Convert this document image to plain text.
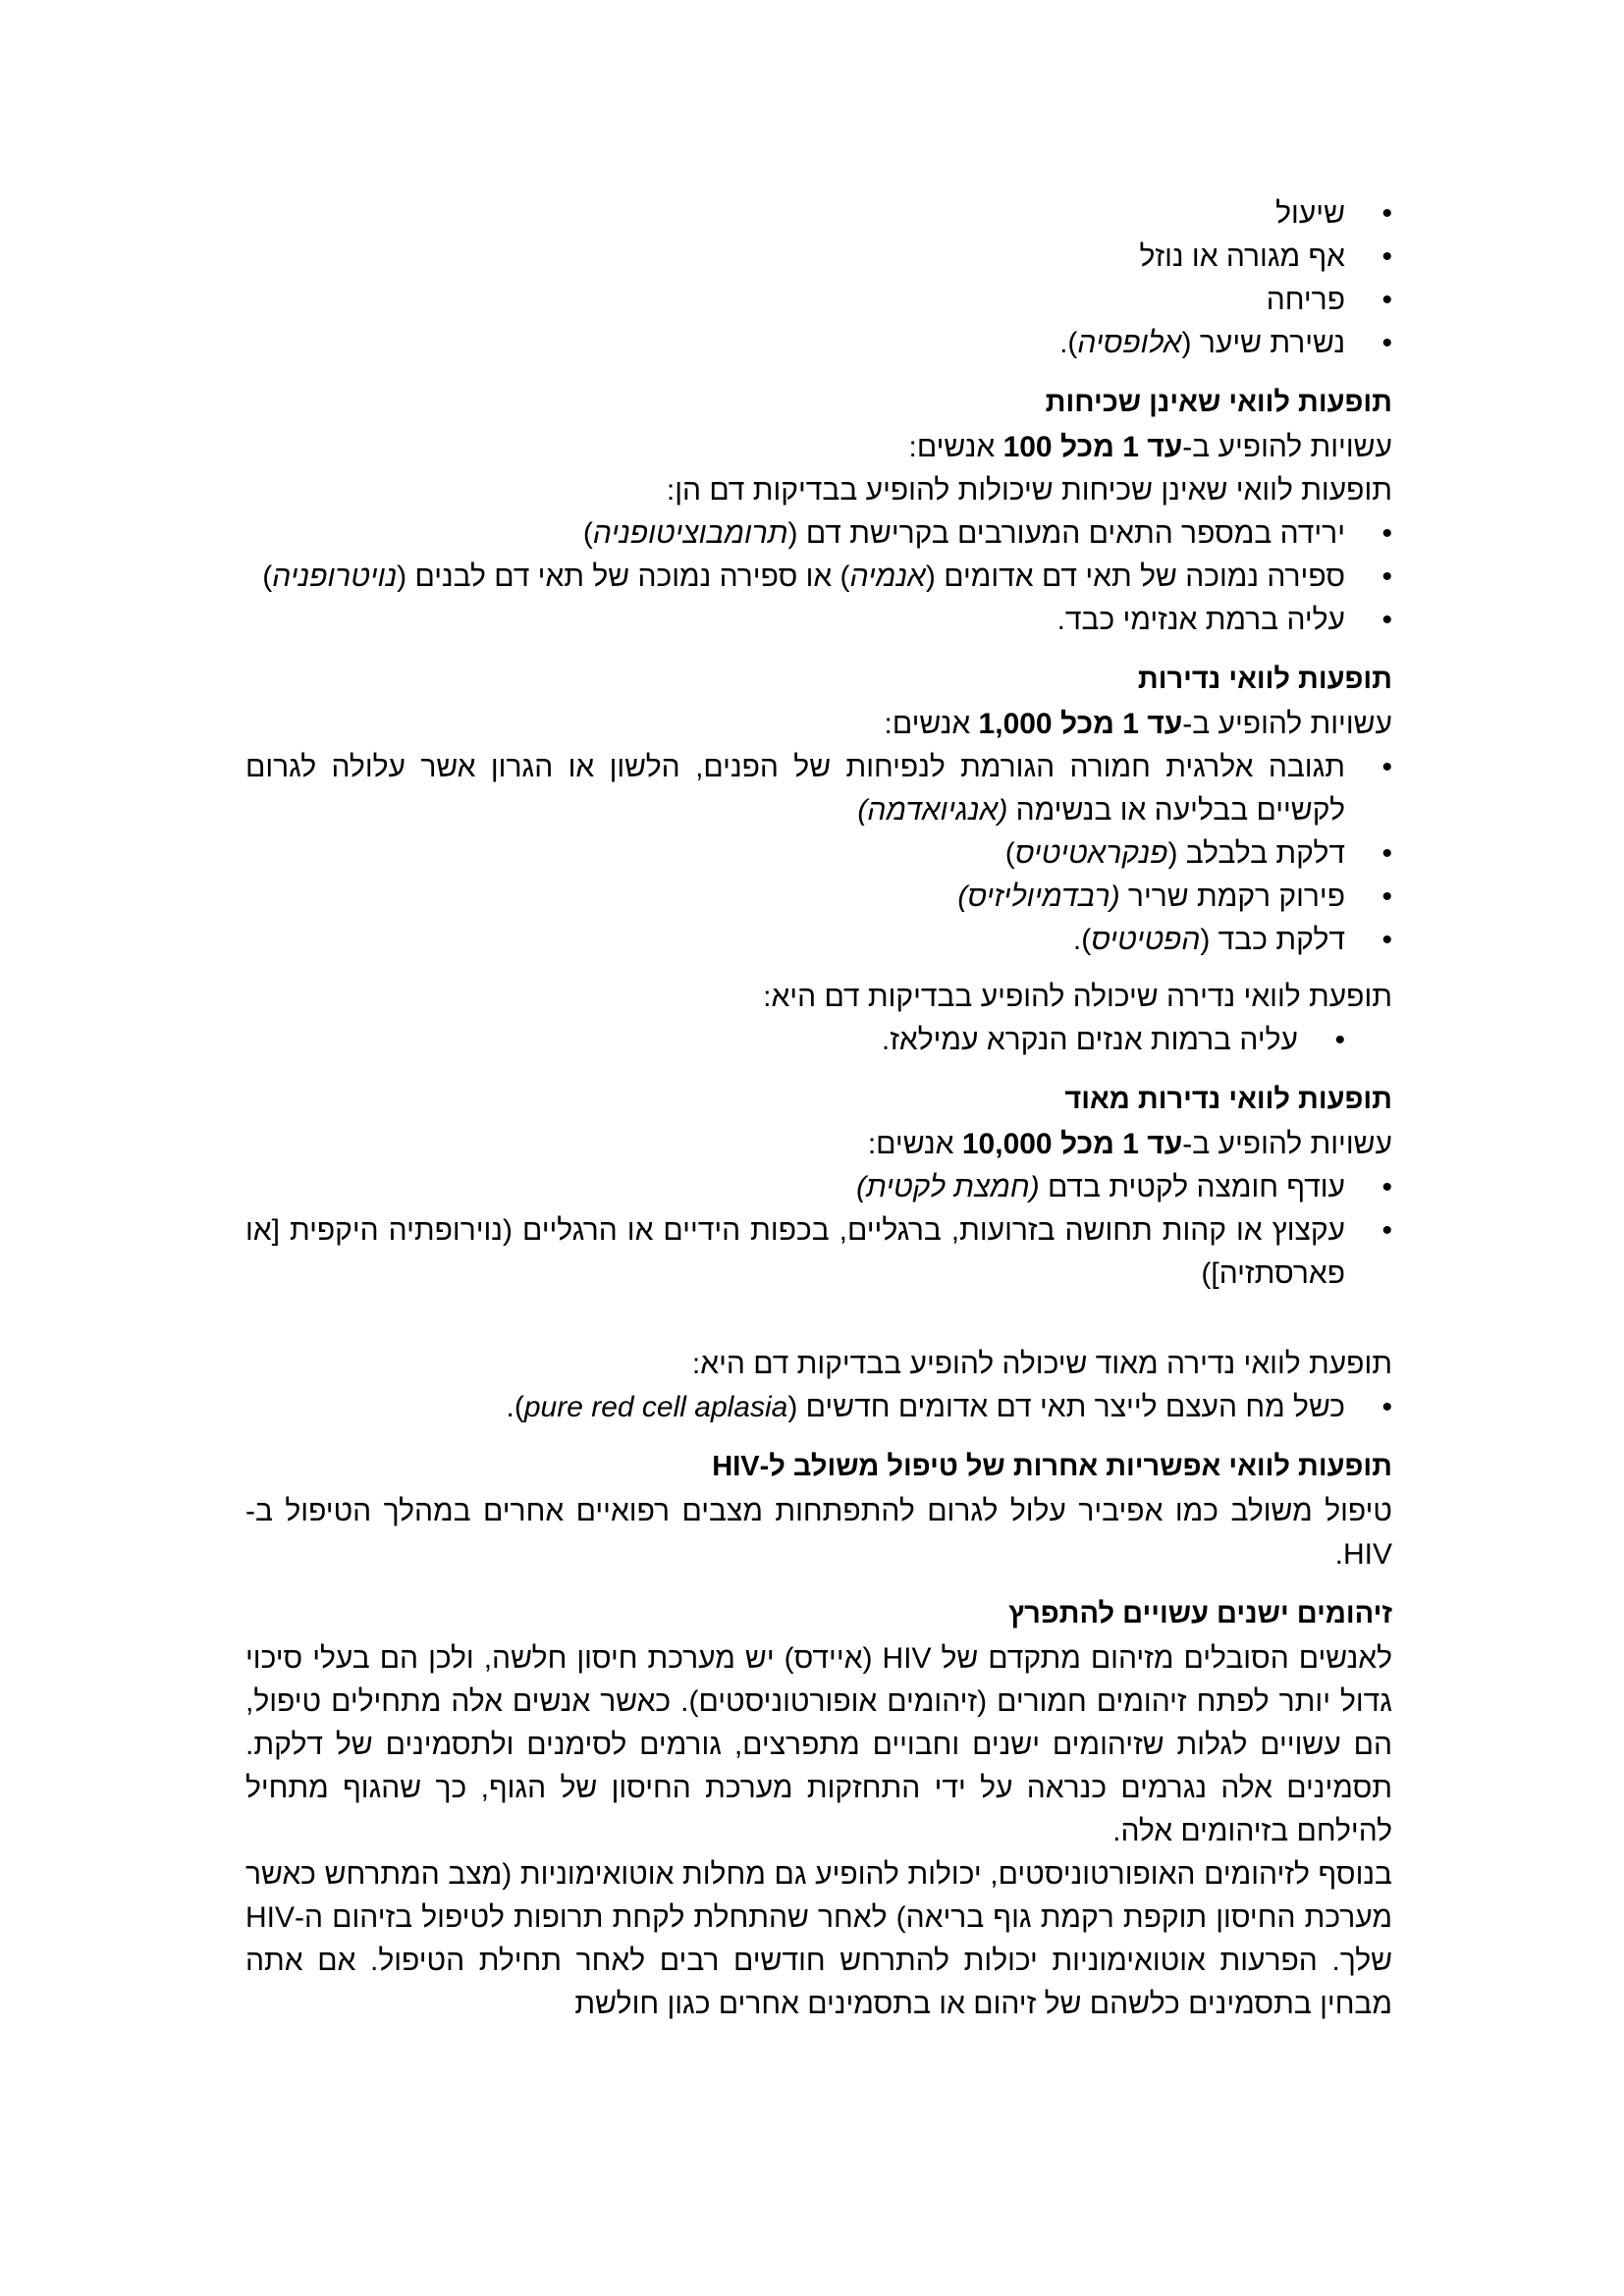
•
שיעול
•
אף מגורה או נוזל
•
פריחה
•
נשירת שיער (אלופסיה).
תופעות לוואי שאינן שכיחות

עשויות להופיע ב-עד 1 מכל 100 אנשים:

תופעות לוואי שאינן שכיחות שיכולות להופיע בבדיקות דם הן:

•
ירידה במספר התאים המעורבים בקרישת דם (תרומבוציטופניה)
•
ספירה נמוכה של תאי דם אדומים (אנמיה) או ספירה נמוכה של תאי דם לבנים (נויטרופניה)
•
עליה ברמת אנזימי כבד.
תופעות לוואי נדירות

עשויות להופיע ב-עד 1 מכל 1,000 אנשים:

•
תגובה אלרגית חמורה הגורמת לנפיחות של הפנים, הלשון או הגרון אשר עלולה לגרום לקשיים בבליעה או בנשימה (אנגיואדמה)
•
דלקת בלבלב (פנקראטיטיס)
•
פירוק רקמת שריר (רבדמיוליזיס)
•
דלקת כבד (הפטיטיס).

תופעת לוואי נדירה שיכולה להופיע בבדיקות דם היא:

•
עליה ברמות אנזים הנקרא עמילאז.
תופעות לוואי נדירות מאוד

עשויות להופיע ב-עד 1 מכל 10,000 אנשים:

•
עודף חומצה לקטית בדם (חמצת לקטית)
•
עקצוץ או קהות תחושה בזרועות, ברגליים, בכפות הידיים או הרגליים (נוירופתיה היקפית [או פארסתזיה])

תופעת לוואי נדירה מאוד שיכולה להופיע בבדיקות דם היא:

•
כשל מח העצם לייצר תאי דם אדומים חדשים (pure red cell aplasia).
תופעות לוואי אפשריות אחרות של טיפול משולב ל-HIV

טיפול משולב כמו אפיביר עלול לגרום להתפתחות מצבים רפואיים אחרים במהלך הטיפול ב-HIV.

זיהומים ישנים עשויים להתפרץ

לאנשים הסובלים מזיהום מתקדם של HIV (איידס) יש מערכת חיסון חלשה, ולכן הם בעלי סיכוי גדול יותר לפתח זיהומים חמורים (זיהומים אופורטוניסטים). כאשר אנשים אלה מתחילים טיפול, הם עשויים לגלות שזיהומים ישנים וחבויים מתפרצים, גורמים לסימנים ולתסמינים של דלקת. תסמינים אלה נגרמים כנראה על ידי התחזקות מערכת החיסון של הגוף, כך שהגוף מתחיל להילחם בזיהומים אלה.

בנוסף לזיהומים האופורטוניסטים, יכולות להופיע גם מחלות אוטואימוניות (מצב המתרחש כאשר מערכת החיסון תוקפת רקמת גוף בריאה) לאחר שהתחלת לקחת תרופות לטיפול בזיהום ה-HIV שלך. הפרעות אוטואימוניות יכולות להתרחש חודשים רבים לאחר תחילת הטיפול. אם אתה מבחין בתסמינים כלשהם של זיהום או בתסמינים אחרים כגון חולשת
